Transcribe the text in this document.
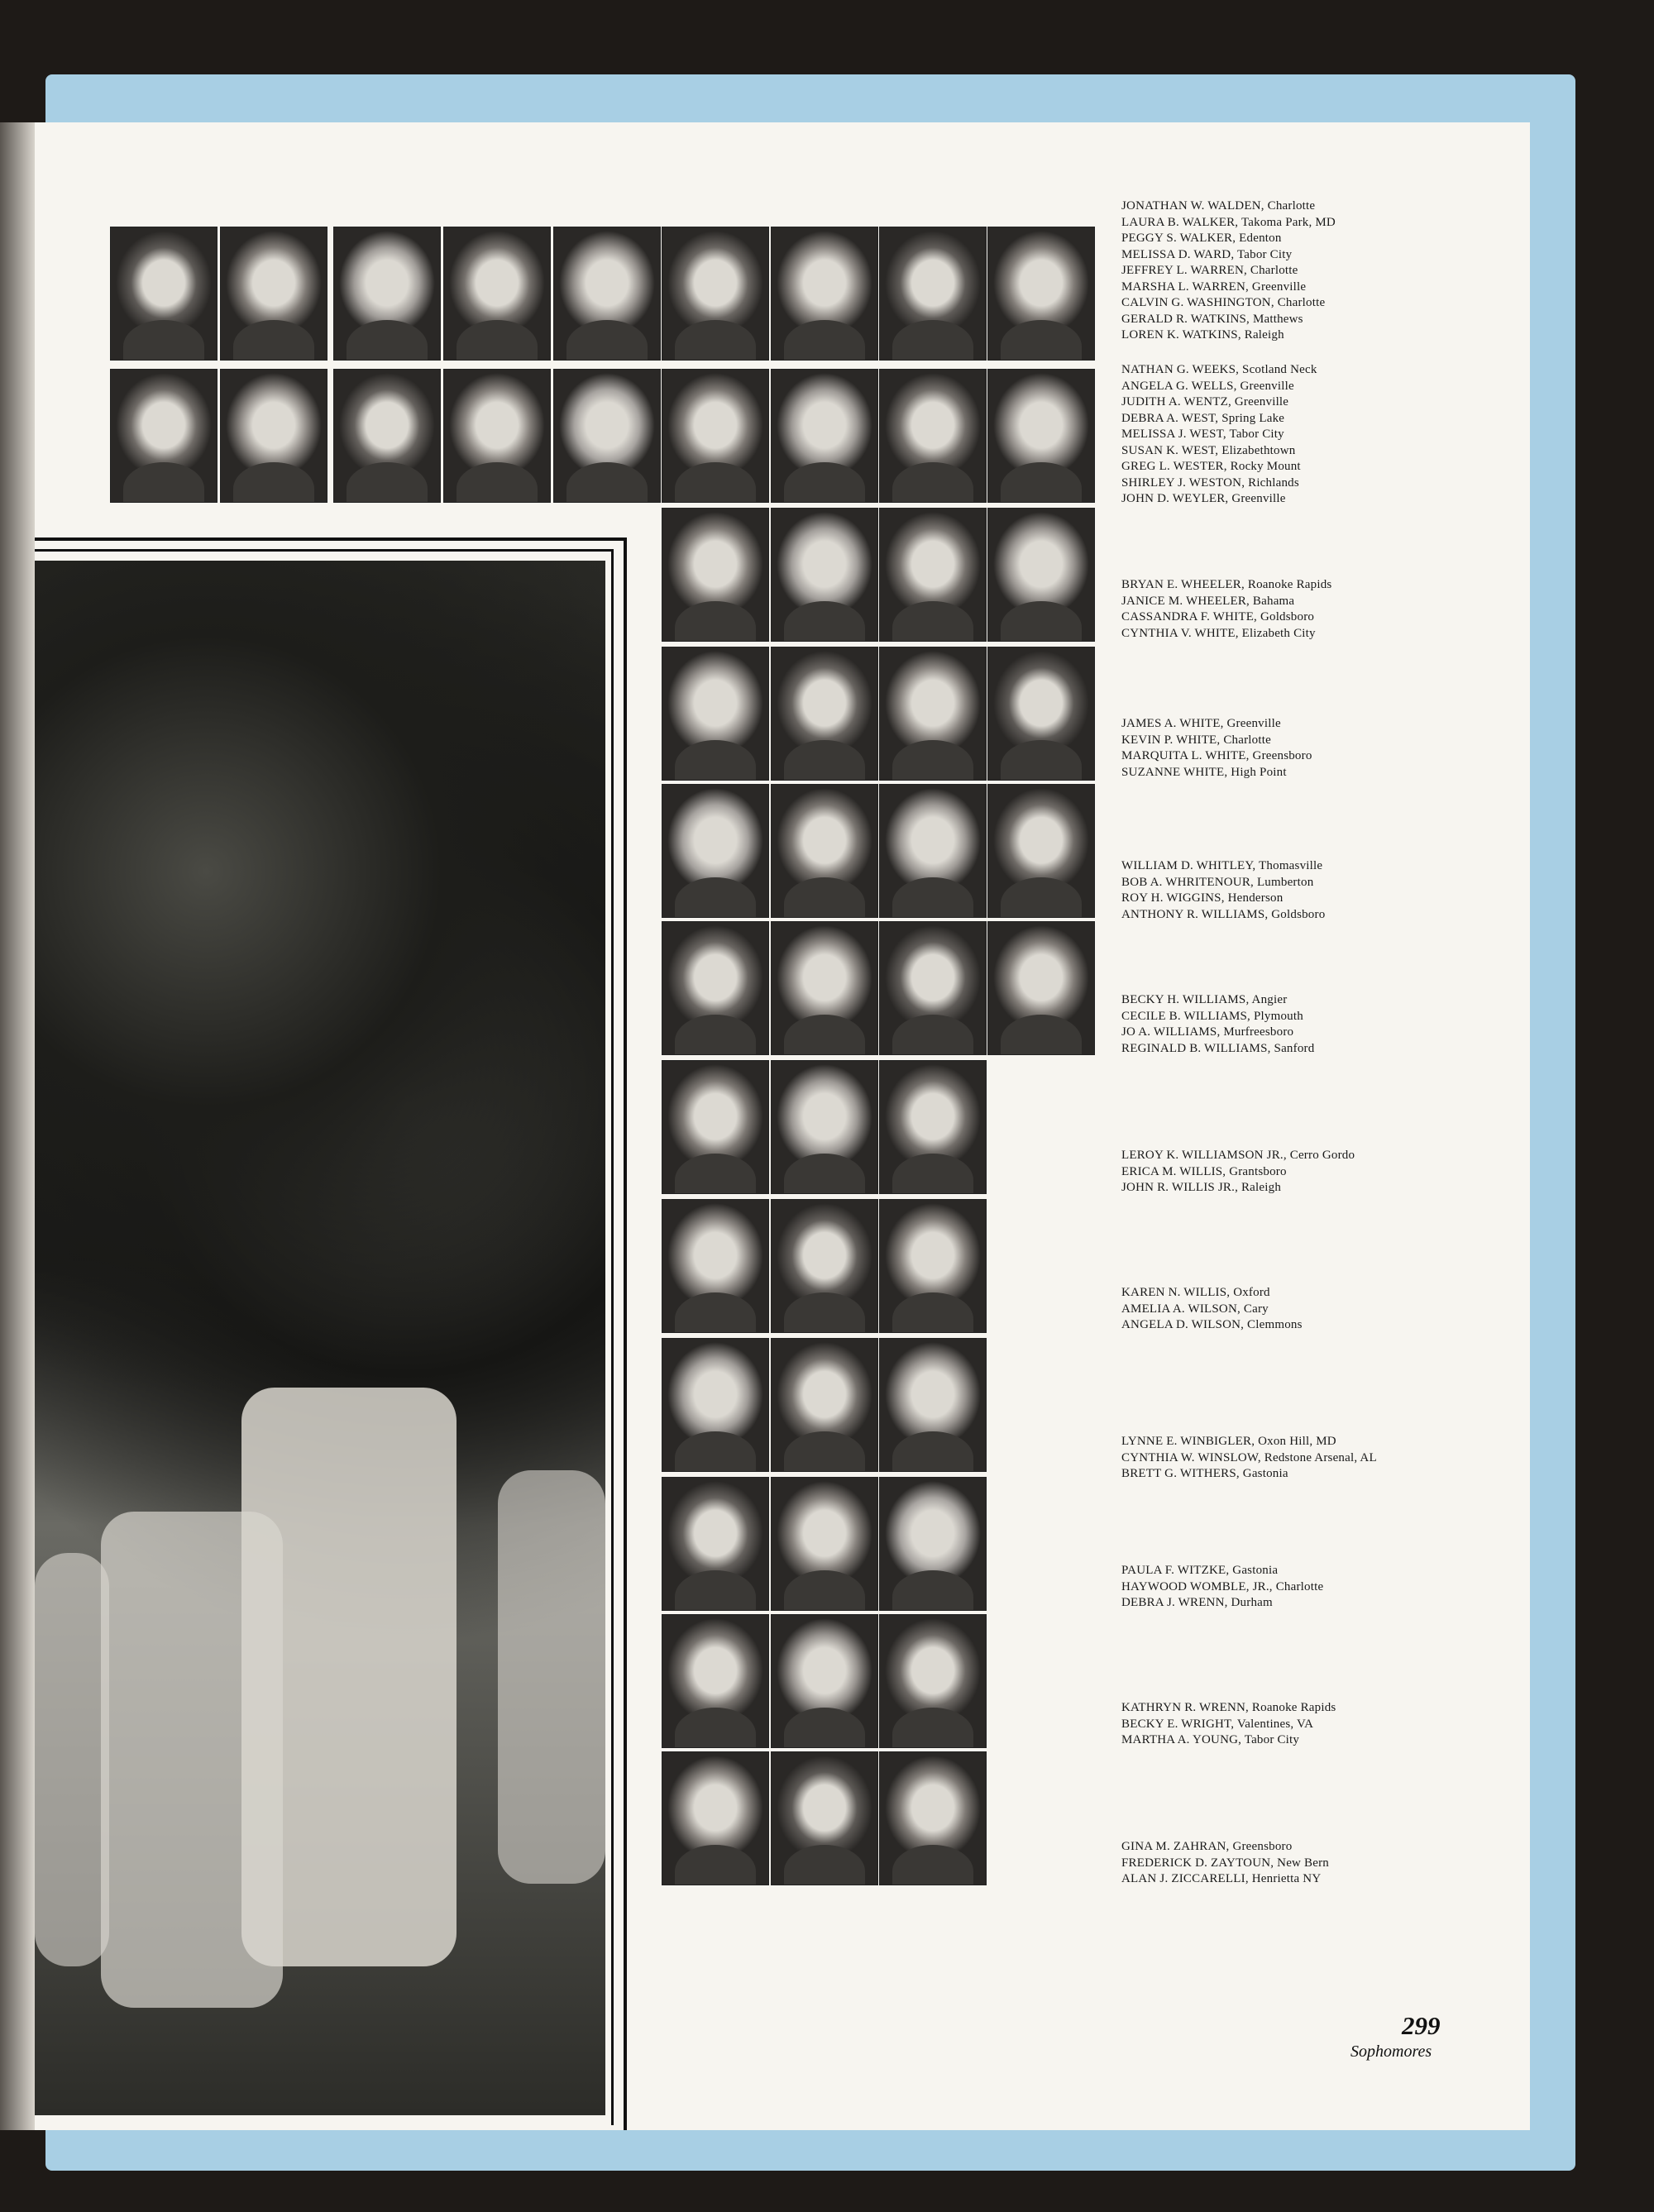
JONATHAN W. WALDEN, Charlotte
LAURA B. WALKER, Takoma Park, MD
PEGGY S. WALKER, Edenton
MELISSA D. WARD, Tabor City
JEFFREY L. WARREN, Charlotte
MARSHA L. WARREN, Greenville
CALVIN G. WASHINGTON, Charlotte
GERALD R. WATKINS, Matthews
LOREN K. WATKINS, Raleigh
NATHAN G. WEEKS, Scotland Neck
ANGELA G. WELLS, Greenville
JUDITH A. WENTZ, Greenville
DEBRA A. WEST, Spring Lake
MELISSA J. WEST, Tabor City
SUSAN K. WEST, Elizabethtown
GREG L. WESTER, Rocky Mount
SHIRLEY J. WESTON, Richlands
JOHN D. WEYLER, Greenville
BRYAN E. WHEELER, Roanoke Rapids
JANICE M. WHEELER, Bahama
CASSANDRA F. WHITE, Goldsboro
CYNTHIA V. WHITE, Elizabeth City
JAMES A. WHITE, Greenville
KEVIN P. WHITE, Charlotte
MARQUITA L. WHITE, Greensboro
SUZANNE WHITE, High Point
WILLIAM D. WHITLEY, Thomasville
BOB A. WHRITENOUR, Lumberton
ROY H. WIGGINS, Henderson
ANTHONY R. WILLIAMS, Goldsboro
BECKY H. WILLIAMS, Angier
CECILE B. WILLIAMS, Plymouth
JO A. WILLIAMS, Murfreesboro
REGINALD B. WILLIAMS, Sanford
LEROY K. WILLIAMSON JR., Cerro Gordo
ERICA M. WILLIS, Grantsboro
JOHN R. WILLIS JR., Raleigh
KAREN N. WILLIS, Oxford
AMELIA A. WILSON, Cary
ANGELA D. WILSON, Clemmons
LYNNE E. WINBIGLER, Oxon Hill, MD
CYNTHIA W. WINSLOW, Redstone Arsenal, AL
BRETT G. WITHERS, Gastonia
PAULA F. WITZKE, Gastonia
HAYWOOD WOMBLE, JR., Charlotte
DEBRA J. WRENN, Durham
KATHRYN R. WRENN, Roanoke Rapids
BECKY E. WRIGHT, Valentines, VA
MARTHA A. YOUNG, Tabor City
GINA M. ZAHRAN, Greensboro
FREDERICK D. ZAYTOUN, New Bern
ALAN J. ZICCARELLI, Henrietta NY
299
Sophomores
